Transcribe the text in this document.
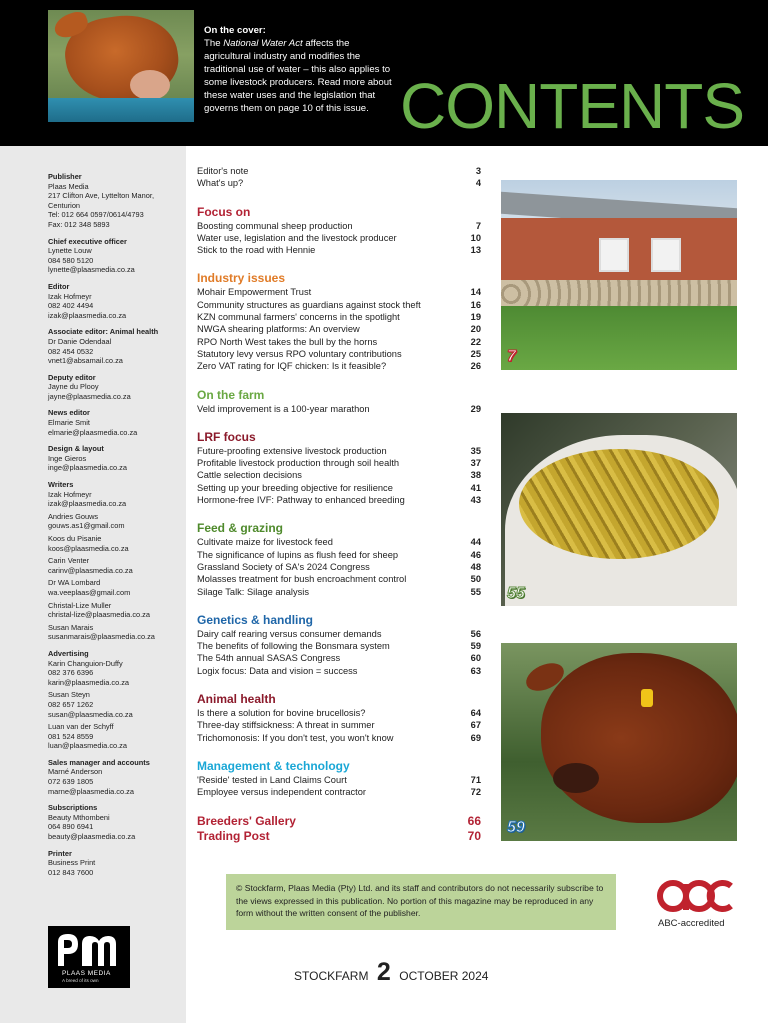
On the cover:
The National Water Act affects the agricultural industry and modifies the traditional use of water – this also applies to some livestock producers. Read more about these water uses and the legislation that governs them on page 10 of this issue. CONTENTS
Publisher
Plaas Media
217 Clifton Ave, Lyttelton Manor,
Centurion
Tel: 012 664 0597/0614/4793
Fax: 012 348 5893
Chief executive officer
Lynette Louw
084 580 5120
lynette@plaasmedia.co.za
Editor
Izak Hofmeyr
082 402 4494
izak@plaasmedia.co.za
Associate editor: Animal health
Dr Danie Odendaal
082 454 0532
vnet1@absamail.co.za
Deputy editor
Jayne du Plooy
jayne@plaasmedia.co.za
News editor
Elmarie Smit
elmarie@plaasmedia.co.za
Design & layout
Inge Gieros
inge@plaasmedia.co.za
Writers
Izak Hofmeyr
izak@plaasmedia.co.za
Andries Gouws
gouws.as1@gmail.com
Koos du Pisanie
koos@plaasmedia.co.za
Carin Venter
carinv@plaasmedia.co.za
Dr WA Lombard
wa.veeplaas@gmail.com
Christal-Lize Muller
christal-lize@plaasmedia.co.za
Susan Marais
susanmarais@plaasmedia.co.za
Advertising
Karin Changuion-Duffy
082 376 6396
karin@plaasmedia.co.za
Susan Steyn
082 657 1262
susan@plaasmedia.co.za
Luan van der Schyff
081 524 8559
luan@plaasmedia.co.za
Sales manager and accounts
Marné Anderson
072 639 1805
marne@plaasmedia.co.za
Subscriptions
Beauty Mthombeni
064 890 6941
beauty@plaasmedia.co.za
Printer
Business Print
012 843 7600
PLAAS MEDIA
A breed of its own
Editor's note	3
What's up?	4
Focus on
Boosting communal sheep production	7
Water use, legislation and the livestock producer	10
Stick to the road with Hennie	13
Industry issues
Mohair Empowerment Trust	14
Community structures as guardians against stock theft	16
KZN communal farmers' concerns in the spotlight	19
NWGA shearing platforms: An overview	20
RPO North West takes the bull by the horns	22
Statutory levy versus RPO voluntary contributions	25
Zero VAT rating for IQF chicken: Is it feasible?	26
On the farm
Veld improvement is a 100-year marathon	29
LRF focus
Future-proofing extensive livestock production	35
Profitable livestock production through soil health	37
Cattle selection decisions	38
Setting up your breeding objective for resilience	41
Hormone-free IVF: Pathway to enhanced breeding	43
Feed & grazing
Cultivate maize for livestock feed	44
The significance of lupins as flush feed for sheep	46
Grassland Society of SA's 2024 Congress	48
Molasses treatment for bush encroachment control	50
Silage Talk: Silage analysis	55
Genetics & handling
Dairy calf rearing versus consumer demands	56
The benefits of following the Bonsmara system	59
The 54th annual SASAS Congress	60
Logix focus: Data and vision = success	63
Animal health
Is there a solution for bovine brucellosis?	64
Three-day stiffsickness: A threat in summer	67
Trichomonosis: If you don't test, you won't know	69
Management & technology
'Reside' tested in Land Claims Court	71
Employee versus independent contractor	72
Breeders' Gallery	66
Trading Post	70
7
55
59
© Stockfarm, Plaas Media (Pty) Ltd. and its staff and contributors do not necessarily subscribe to the views expressed in this publication. No portion of this magazine may be reproduced in any form without the written consent of the publisher.
ABC-accredited
STOCKFARM 2 OCTOBER 2024
